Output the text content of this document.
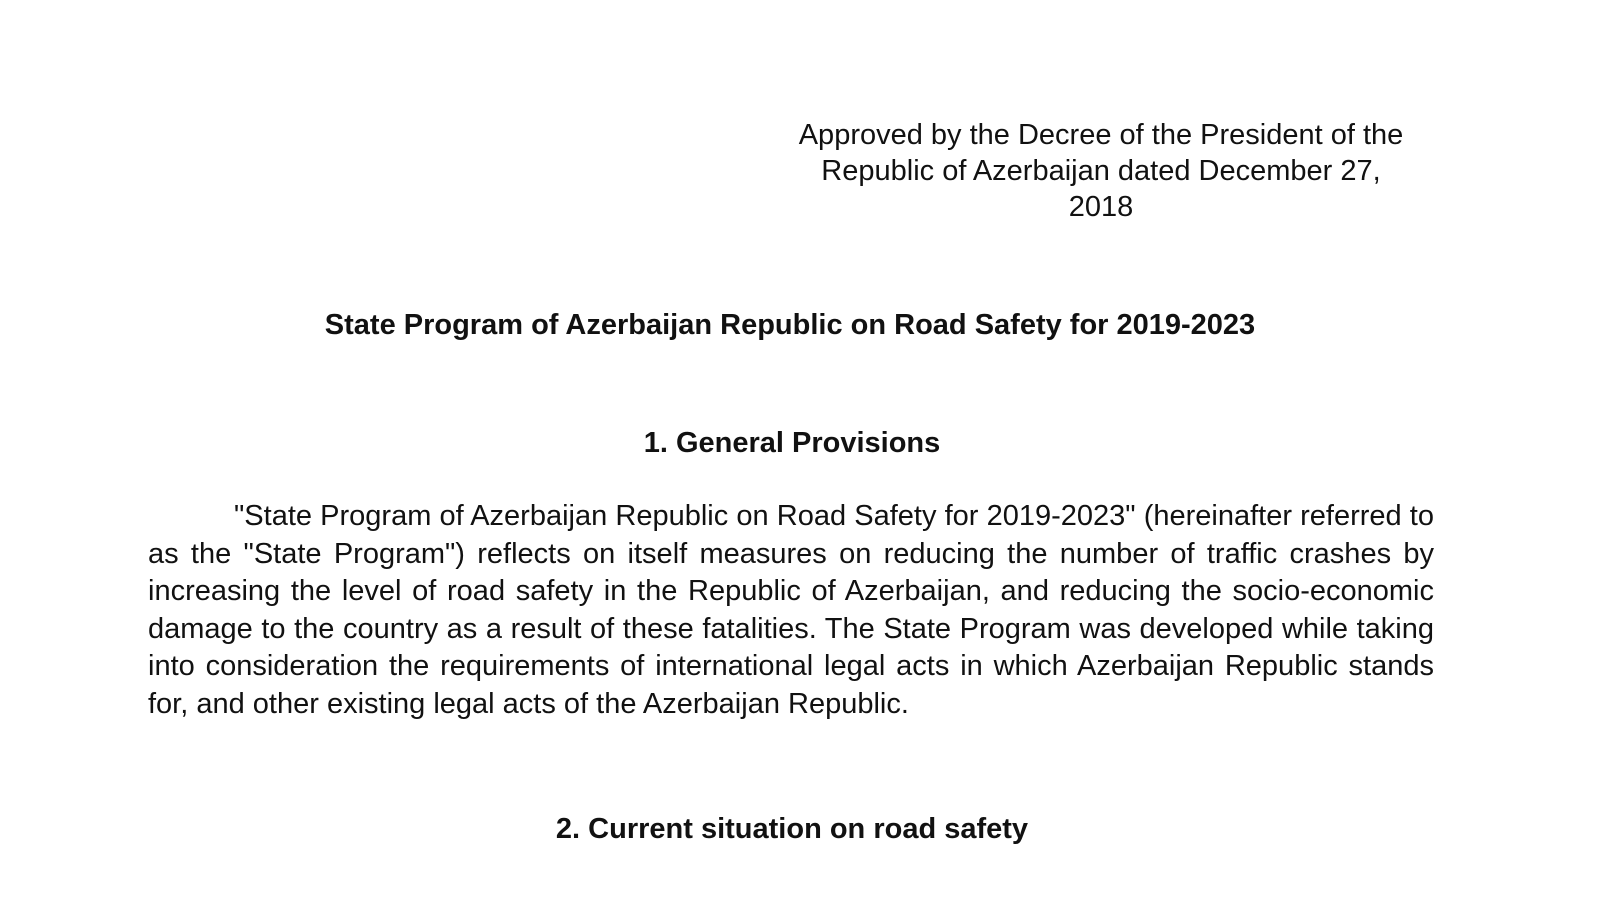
Approved by the Decree of the President of the
Republic of Azerbaijan dated December 27,
2018
State Program of Azerbaijan Republic on Road Safety for 2019-2023
1. General Provisions

"State Program of Azerbaijan Republic on Road Safety for 2019-2023" (hereinafter referred to as the "State Program") reflects on itself measures on reducing the number of traffic crashes by increasing the level of road safety in the Republic of Azerbaijan, and reducing the socio-economic damage to the country as a result of these fatalities. The State Program was developed while taking into consideration the requirements of international legal acts in which Azerbaijan Republic stands for, and other existing legal acts of the Azerbaijan Republic.

2. Current situation on road safety
